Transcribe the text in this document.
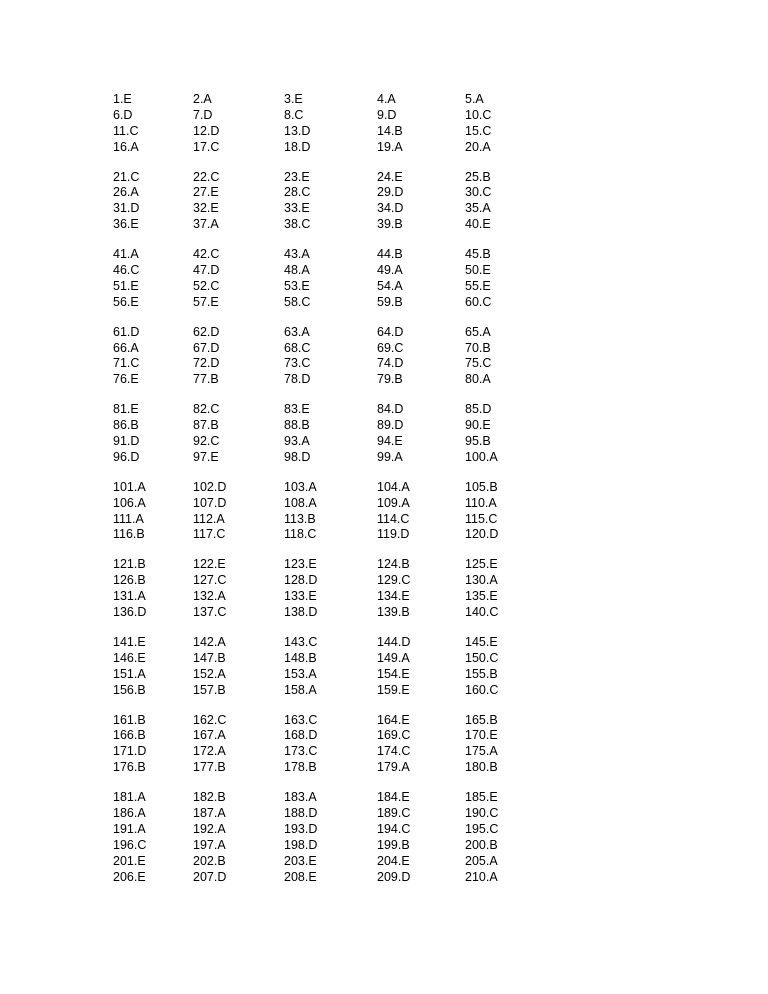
1.E	2.A	3.E	4.A	5.A
6.D	7.D	8.C	9.D	10.C
11.C	12.D	13.D	14.B	15.C
16.A	17.C	18.D	19.A	20.A
21.C	22.C	23.E	24.E	25.B
26.A	27.E	28.C	29.D	30.C
31.D	32.E	33.E	34.D	35.A
36.E	37.A	38.C	39.B	40.E
41.A	42.C	43.A	44.B	45.B
46.C	47.D	48.A	49.A	50.E
51.E	52.C	53.E	54.A	55.E
56.E	57.E	58.C	59.B	60.C
61.D	62.D	63.A	64.D	65.A
66.A	67.D	68.C	69.C	70.B
71.C	72.D	73.C	74.D	75.C
76.E	77.B	78.D	79.B	80.A
81.E	82.C	83.E	84.D	85.D
86.B	87.B	88.B	89.D	90.E
91.D	92.C	93.A	94.E	95.B
96.D	97.E	98.D	99.A	100.A
101.A	102.D	103.A	104.A	105.B
106.A	107.D	108.A	109.A	110.A
111.A	112.A	113.B	114.C	115.C
116.B	117.C	118.C	119.D	120.D
121.B	122.E	123.E	124.B	125.E
126.B	127.C	128.D	129.C	130.A
131.A	132.A	133.E	134.E	135.E
136.D	137.C	138.D	139.B	140.C
141.E	142.A	143.C	144.D	145.E
146.E	147.B	148.B	149.A	150.C
151.A	152.A	153.A	154.E	155.B
156.B	157.B	158.A	159.E	160.C
161.B	162.C	163.C	164.E	165.B
166.B	167.A	168.D	169.C	170.E
171.D	172.A	173.C	174.C	175.A
176.B	177.B	178.B	179.A	180.B
181.A	182.B	183.A	184.E	185.E
186.A	187.A	188.D	189.C	190.C
191.A	192.A	193.D	194.C	195.C
196.C	197.A	198.D	199.B	200.B
201.E	202.B	203.E	204.E	205.A
206.E	207.D	208.E	209.D	210.A
